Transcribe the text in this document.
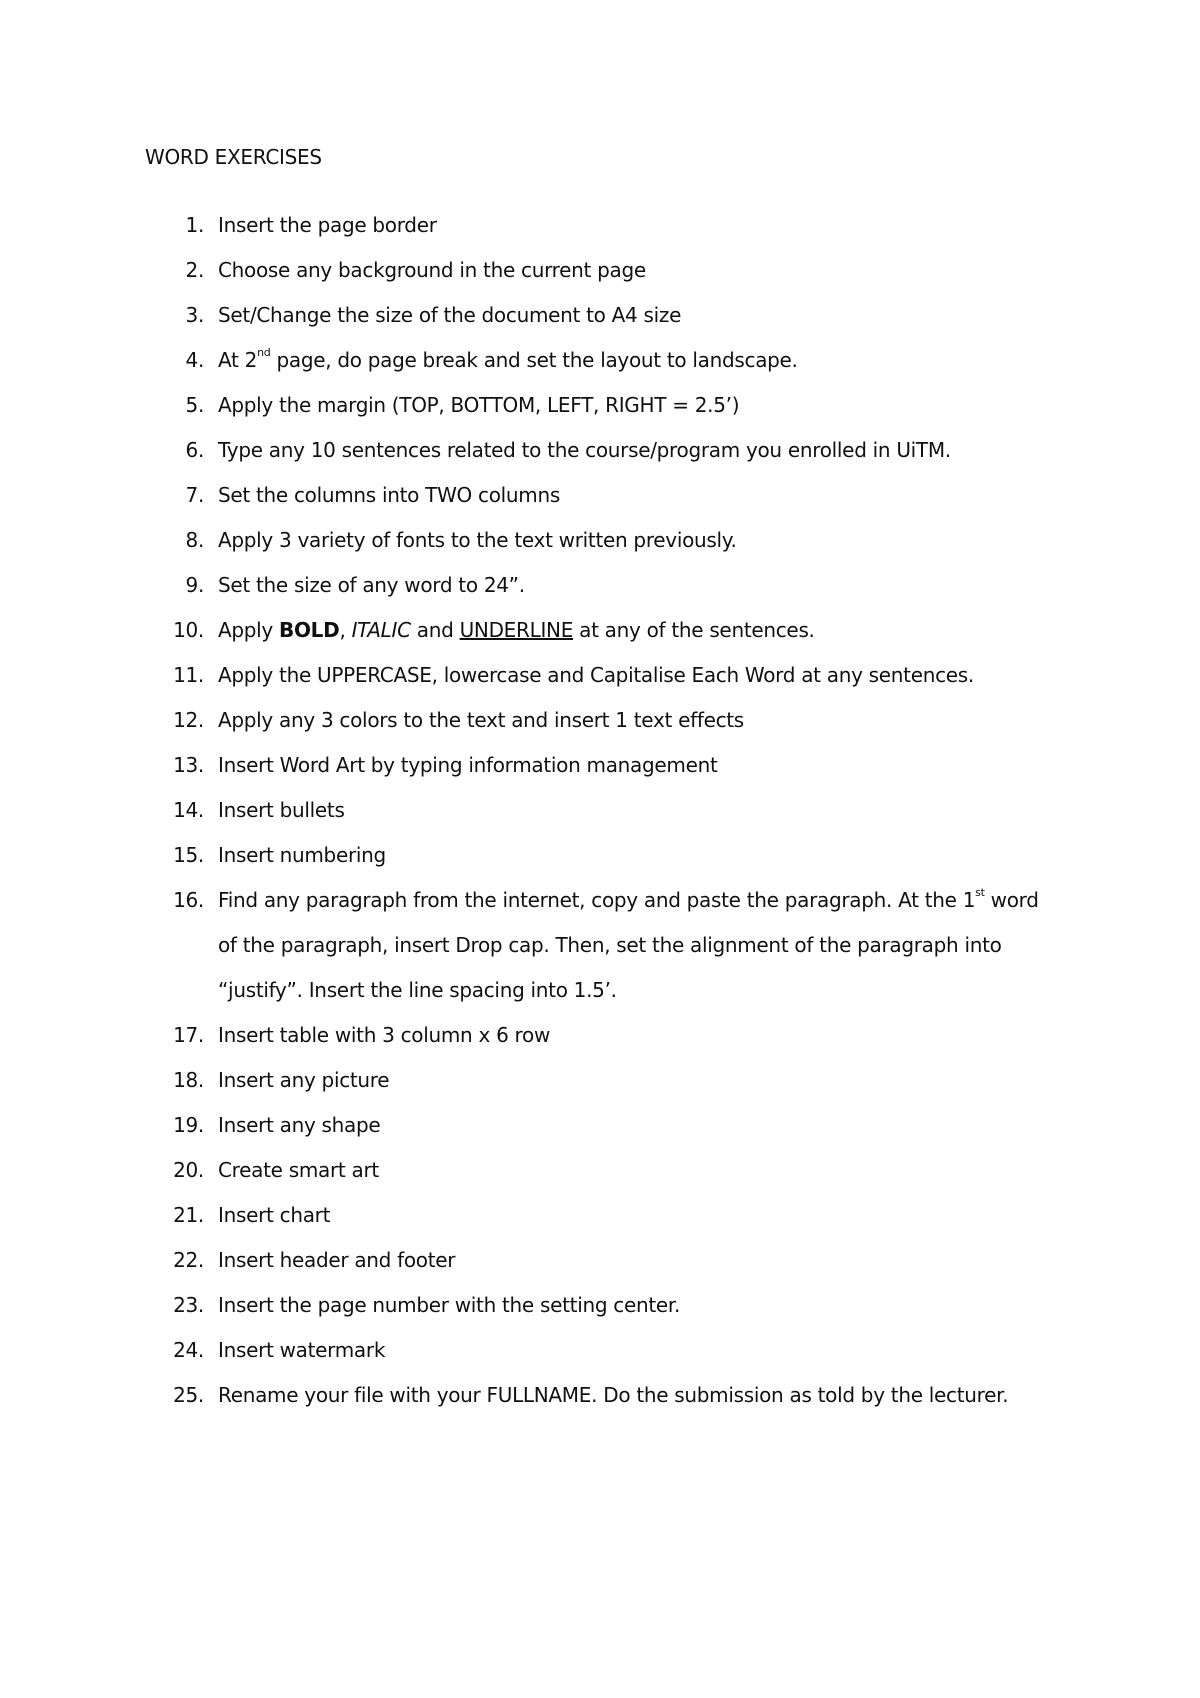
WORD EXERCISES
1. Insert the page border
2. Choose any background in the current page
3. Set/Change the size of the document to A4 size
4. At 2nd page, do page break and set the layout to landscape.
5. Apply the margin (TOP, BOTTOM, LEFT, RIGHT = 2.5’)
6. Type any 10 sentences related to the course/program you enrolled in UiTM.
7. Set the columns into TWO columns
8. Apply 3 variety of fonts to the text written previously.
9. Set the size of any word to 24”.
10. Apply BOLD, ITALIC and UNDERLINE at any of the sentences.
11. Apply the UPPERCASE, lowercase and Capitalise Each Word at any sentences.
12. Apply any 3 colors to the text and insert 1 text effects
13. Insert Word Art by typing information management
14. Insert bullets
15. Insert numbering
16. Find any paragraph from the internet, copy and paste the paragraph. At the 1st word
of the paragraph, insert Drop cap. Then, set the alignment of the paragraph into
“justify”. Insert the line spacing into 1.5’.
17. Insert table with 3 column x 6 row
18. Insert any picture
19. Insert any shape
20. Create smart art
21. Insert chart
22. Insert header and footer
23. Insert the page number with the setting center.
24. Insert watermark
25. Rename your file with your FULLNAME. Do the submission as told by the lecturer.
